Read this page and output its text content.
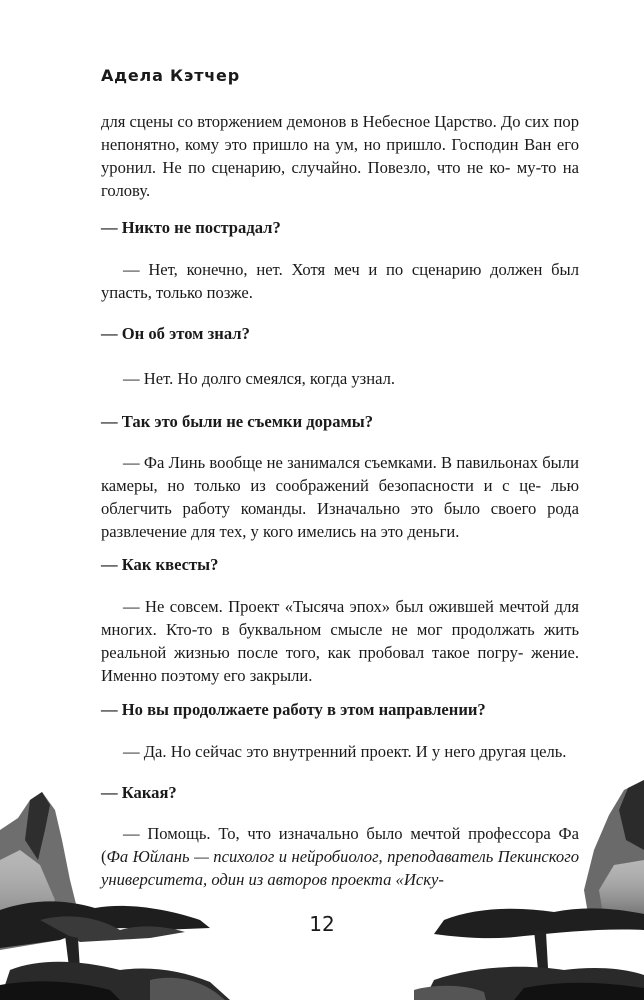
Адела Кэтчер

для сцены со вторжением демонов в Небесное Царство. До сих пор непонятно, кому это пришло на ум, но пришло. Господин Ван его уронил. Не по сценарию, случайно. Повезло, что не ко- му-то на голову.

— Никто не пострадал?

— Нет, конечно, нет. Хотя меч и по сценарию должен был упасть, только позже.

— Он об этом знал?

— Нет. Но долго смеялся, когда узнал.

— Так это были не съемки дорамы?

— Фа Линь вообще не занимался съемками. В павильонах были камеры, но только из соображений безопасности и с це- лью облегчить работу команды. Изначально это было своего рода развлечение для тех, у кого имелись на это деньги.

— Как квесты?

— Не совсем. Проект «Тысяча эпох» был ожившей мечтой для многих. Кто-то в буквальном смысле не мог продолжать жить реальной жизнью после того, как пробовал такое погру- жение. Именно поэтому его закрыли.

— Но вы продолжаете работу в этом направлении?

— Да. Но сейчас это внутренний проект. И у него другая цель.

— Какая?

— Помощь. То, что изначально было мечтой профессора Фа (Фа Юйлань — психолог и нейробиолог, преподаватель Пекинского университета, один из авторов проекта «Иску-

12
